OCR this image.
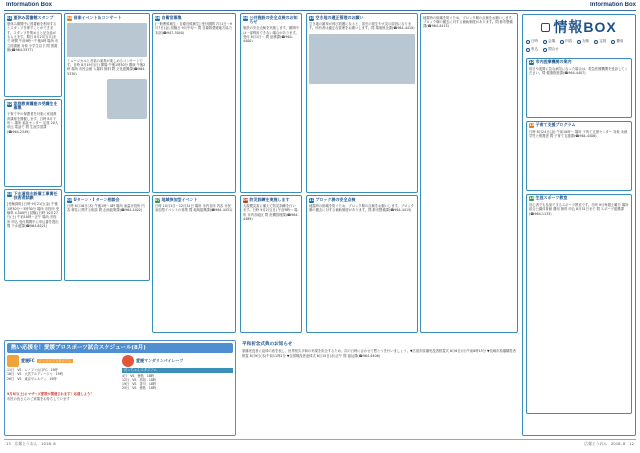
Information Box	Information Box
01 夏休み図書館スタンプ
夏休み期間中に図書館を利用するとスタンプを押すことができます。スタンプを集めると記念品がもらえます。期日 8月23日(木)まで 時間 午前9時〜午後5時 場所 市立図書館 対象 小学生以下 問 図書館(☎964-5577)
02 家庭教育講座の受講生を募集
子育て中の保護者を対象に家庭教育講座を開催します。日時 8月下旬〜 場所 福祉センター 定員 20人 申込 電話で 問 生涯学習課(☎964-2349)
03 下水道排水設備工事責任技術者試験
[受験資格] 日時 9月21日(金) 午後1時30分〜3時30分 場所 市役所 受験料 4,500円 [試験] 日時 10月27日(土) 午前10時〜正午 場所 市役所 申込 受付期間中に申込書を提出 問 下水道課(☎964-6521)
04 音楽イベント＆コンサート
ミュージカルと音楽の演奏が楽しめるコンサートです。日時 8月19日(日) 開場 午後1時30分 開演 午後2時 場所 市民会館 入場料 無料 問 文化振興課(☎964-5330)
05 Uターン・I ターン相談会
日時 8月16日(木) 午後1時〜4時 場所 東温市役所 内容 移住に関する相談 問 企画政策課(☎964-4402)
06 自衛官募集
[一般曹候補生・自衛官候補生] 受付期間 7月1日〜9月7日(金) 試験日 9月中旬〜 問 自衛隊愛媛地方協力本部(☎947-3040)
07 地域参加型イベント
日時 10月1日〜12月31日 場所 市内各所 内容 市民参加型イベントの募集 問 地域振興課(☎964-4431)
08 公共施設の安全点検のお知らせ
施設の安全点検を実施します。期間中は一部利用できない場合があります。受付 8月1日〜 問 総務課(☎964-4400)
09 防災訓練を実施します
大規模災害に備えて防災訓練を行います。日時 9月2日(日) 午前9時〜 場所 市内各地区 問 危機管理課(☎964-4489)
10 空き地の適正管理のお願い
空き地の雑草が伸び放題になると、害虫の発生や火災の原因になります。所有者は適正な管理をお願いします。問 環境保全課(☎964-4410)
11 ブロック塀の安全点検
地震時の倒壊を防ぐため、ブロック塀の点検をお願いします。ブロック塀の撤去に対する補助制度があります。問 都市整備課(☎964-4415)
情報BOX
日時
	会場
	内容
	対象
	定員
	費用

申込
	問合せ
12 市内医療機関の案内
休日や夜間に急な病気になった場合は、救急医療機関を受診してください。問 健康推進課(☎964-4407)
13 子育て支援プログラム
日時 8月24日(金) 午前10時〜 場所 子育て支援センター 対象 未就学児と保護者 問 子育て支援課(☎964-4408)
14 生涯スポーツ教室
初心者でも参加できるスポーツ教室です。日時 9月毎週土曜日 場所 総合公園体育館 費用 無料 申込 8月31日まで 問 スポーツ振興課(☎964-1133)
地震時の倒壊を防ぐため、ブロック塀の点検をお願いします。ブロック塀の撤去に対する補助制度があります。問 都市整備課(☎964-4415)
熱い応援を！愛媛プロスポーツ試合スケジュール(8月)
愛媛FC	ニンジニアスタジアム
11日 VS レノファ山口FC 19時
18日 VS 大宮アルディージャ 19時
26日 VS 東京ヴェルディ 19時
愛媛マンダリンパイレーツ
坊っちゃんスタジアム
4日 VS 徳島 18時
12日 VS 高知 18時
19日 VS 香川 18時
25日 VS 徳島 18時
9月8日(土)にマザーズ愛媛が開催されます！応援しよう！
市民の皆さんのご来場をお待ちしています
平和祈念式典のお知らせ
原爆死没者に哀悼の意を表し、世界恒久平和の実現を祈念するため、次の日時に合わせて黙とうを行いましょう。▼広島市原爆死没者慰霊式 8月6日(月)午前8時15分 ▼長崎市原爆犠牲者慰霊 8月9日(木)午前11時2分 ▼全国戦没者追悼式 8月15日(水)正午 問 福祉課(☎964-4406)
13　広報とうおん　2018. 8	広報とうおん　2018. 8　12
